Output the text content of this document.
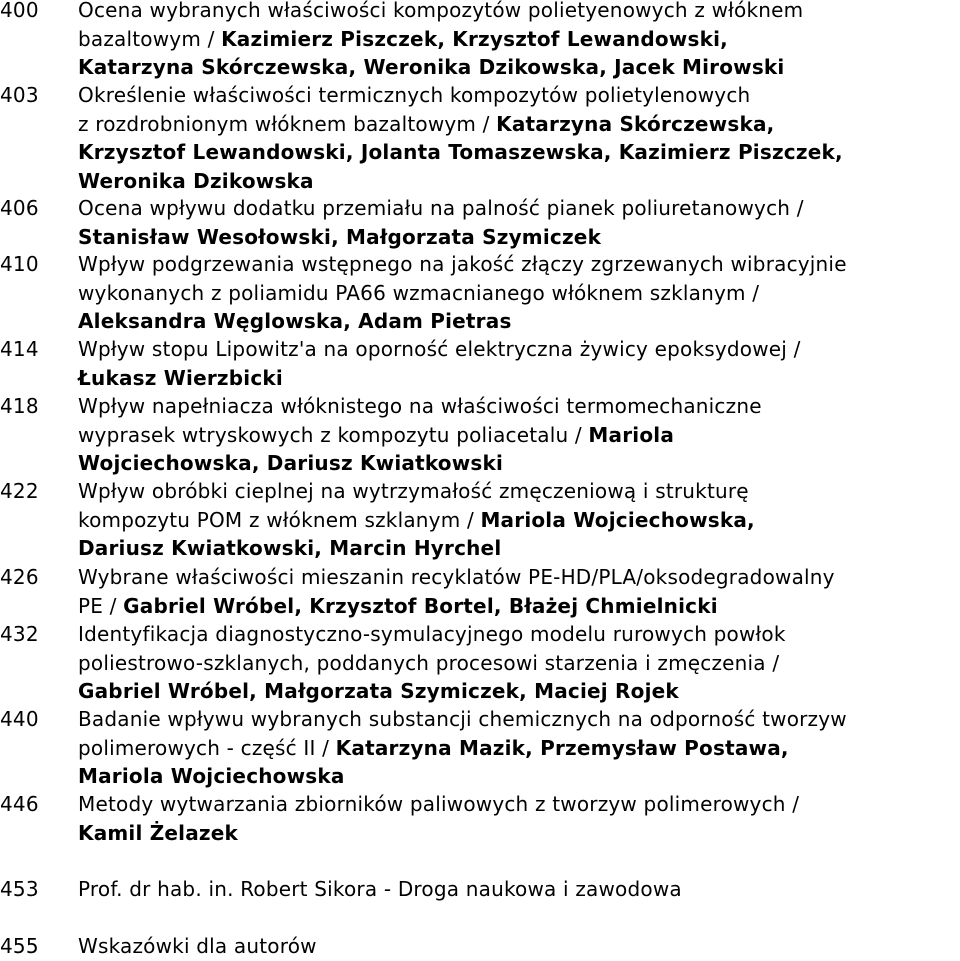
400	Ocena wybranych właściwości kompozytów polietyenowych z włóknem
bazaltowym / Kazimierz Piszczek, Krzysztof Lewandowski,
Katarzyna Skórczewska, Weronika Dzikowska, Jacek Mirowski
403	Określenie właściwości termicznych kompozytów polietylenowych
z rozdrobnionym włóknem bazaltowym / Katarzyna Skórczewska,
Krzysztof Lewandowski, Jolanta Tomaszewska, Kazimierz Piszczek,
Weronika Dzikowska
406	Ocena wpływu dodatku przemiału na palność pianek poliuretanowych /
Stanisław Wesołowski, Małgorzata Szymiczek
410	Wpływ podgrzewania wstępnego na jakość złączy zgrzewanych wibracyjnie
wykonanych z poliamidu PA66 wzmacnianego włóknem szklanym /
Aleksandra Węglowska, Adam Pietras
414	Wpływ stopu Lipowitz'a na oporność elektryczna żywicy epoksydowej /
Łukasz Wierzbicki
418	Wpływ napełniacza włóknistego na właściwości termomechaniczne
wyprasek wtryskowych z kompozytu poliacetalu / Mariola
Wojciechowska, Dariusz Kwiatkowski
422	Wpływ obróbki cieplnej na wytrzymałość zmęczeniową i strukturę
kompozytu POM z włóknem szklanym / Mariola Wojciechowska,
Dariusz Kwiatkowski, Marcin Hyrchel
426	Wybrane właściwości mieszanin recyklatów PE-HD/PLA/oksodegradowalny
PE / Gabriel Wróbel, Krzysztof Bortel, Błażej Chmielnicki
432	Identyfikacja diagnostyczno-symulacyjnego modelu rurowych powłok
poliestrowo-szklanych, poddanych procesowi starzenia i zmęczenia /
Gabriel Wróbel, Małgorzata Szymiczek, Maciej Rojek
440	Badanie wpływu wybranych substancji chemicznych na odporność tworzyw
polimerowych - część II / Katarzyna Mazik, Przemysław Postawa,
Mariola Wojciechowska
446	Metody wytwarzania zbiorników paliwowych z tworzyw polimerowych /
Kamil Żelazek
453	Prof. dr hab. in. Robert Sikora - Droga naukowa i zawodowa
455	Wskazówki dla autorów
